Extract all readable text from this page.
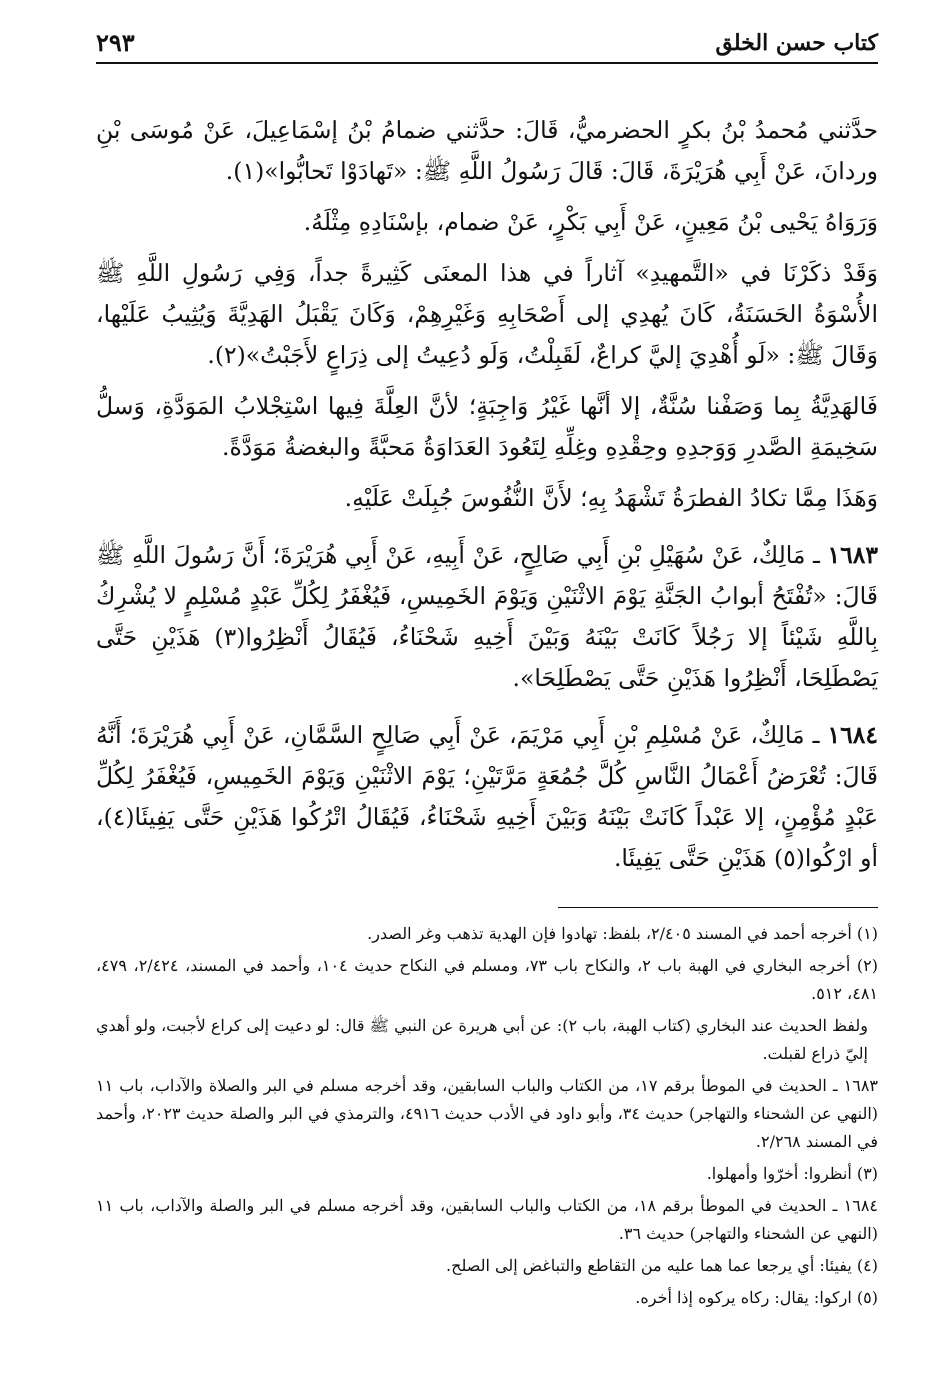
كتاب حسن الخلق
٢٩٣

حدَّثني مُحمدُ بْنُ بكرٍ الحضرميُّ، قَالَ: حدَّثني ضمامُ بْنُ إسْمَاعِيلَ، عَنْ مُوسَى بْنِ وردانَ، عَنْ أَبِي هُرَيْرَةَ، قَالَ: قَالَ رَسُولُ اللَّهِ ﷺ: «تَهادَوْا تَحابُّوا»(١).

وَرَوَاهُ يَحْيى بْنُ مَعِينٍ، عَنْ أَبِي بَكْرٍ، عَنْ ضمام، بإسْنَادِهِ مِثْلَهُ.

وَقَدْ ذكَرْنَا في «التَّمهيدِ» آثاراً في هذا المعنَى كَثِيرةً جداً، وَفِي رَسُولِ اللَّهِ ﷺ الأُسْوَةُ الحَسَنَةُ، كَانَ يُهدِي إلى أَصْحَابِهِ وَغَيْرِهِمْ، وَكَانَ يَقْبَلُ الهَدِيَّةَ وَيُثِيبُ عَلَيْها، وَقَالَ ﷺ: «لَو أُهْدِيَ إليَّ كراعٌ، لَقَبِلْتُ، وَلَو دُعِيتُ إلى ذِرَاعٍ لأَجَبْتُ»(٢).

فَالهَدِيَّةُ بِما وَصَفْنا سُنَّةٌ، إلا أنَّها غَيْرُ وَاجِبَةٍ؛ لأنَّ العِلَّةَ فِيها اسْتِجْلابُ المَوَدَّةِ، وَسلُّ سَخِيمَةِ الصَّدرِ وَوَجدِهِ وحِقْدِهِ وغِلِّهِ لِتَعُودَ العَدَاوَةُ مَحبَّةً والبغضةُ مَوَدَّةً.

وَهَذَا مِمَّا تكادُ الفطرَةُ تَشْهَدُ بِهِ؛ لأَنَّ النُّفُوسَ جُبِلَتْ عَلَيْهِ.

١٦٨٣ ـ مَالِكٌ، عَنْ سُهَيْلِ بْنِ أَبِي صَالِحٍ، عَنْ أَبِيهِ، عَنْ أَبِي هُرَيْرَةَ؛ أَنَّ رَسُولَ اللَّهِ ﷺ قَالَ: «تُفْتَحُ أبوابُ الجَنَّةِ يَوْمَ الاثْنَيْنِ وَيَوْمَ الخَمِيسِ، فَيُغْفَرُ لِكُلِّ عَبْدٍ مُسْلِمٍ لا يُشْرِكُ بِاللَّهِ شَيْئاً إلا رَجُلاً كَانَتْ بَيْنَهُ وَبَيْنَ أَخِيهِ شَحْنَاءُ، فَيُقَالُ أَنْظِرُوا(٣) هَذَيْنِ حَتَّى يَصْطَلِحَا، أَنْظِرُوا هَذَيْنِ حَتَّى يَصْطَلِحَا».

١٦٨٤ ـ مَالِكٌ، عَنْ مُسْلِمِ بْنِ أَبِي مَرْيَمَ، عَنْ أَبِي صَالِحٍ السَّمَّانِ، عَنْ أَبِي هُرَيْرَةَ؛ أَنَّهُ قَالَ: تُعْرَضُ أَعْمَالُ النَّاسِ كُلَّ جُمُعَةٍ مَرَّتَيْنِ؛ يَوْمَ الاثْنَيْنِ وَيَوْمَ الخَمِيسِ، فَيُغْفَرُ لِكُلِّ عَبْدٍ مُؤْمِنٍ، إلا عَبْداً كَانَتْ بَيْنَهُ وَبَيْنَ أَخِيهِ شَحْنَاءُ، فَيُقَالُ اتْرُكُوا هَذَيْنِ حَتَّى يَفِيئَا(٤)، أو ارْكُوا(٥) هَذَيْنِ حَتَّى يَفِيئَا.

(١) أخرجه أحمد في المسند ٢/٤٠٥، بلفظ: تهادوا فإن الهدية تذهب وغر الصدر.

(٢) أخرجه البخاري في الهبة باب ٢، والنكاح باب ٧٣، ومسلم في النكاح حديث ١٠٤، وأحمد في المسند، ٢/٤٢٤، ٤٧٩، ٤٨١، ٥١٢.

ولفظ الحديث عند البخاري (كتاب الهبة، باب ٢): عن أبي هريرة عن النبي ﷺ قال: لو دعيت إلى كراع لأجبت، ولو أهدي إليّ ذراع لقبلت.

١٦٨٣ ـ الحديث في الموطأ برقم ١٧، من الكتاب والباب السابقين، وقد أخرجه مسلم في البر والصلاة والآداب، باب ١١ (النهي عن الشحناء والتهاجر) حديث ٣٤، وأبو داود في الأدب حديث ٤٩١٦، والترمذي في البر والصلة حديث ٢٠٢٣، وأحمد في المسند ٢/٢٦٨.

(٣) أنظروا: أخرّوا وأمهلوا.

١٦٨٤ ـ الحديث في الموطأ برقم ١٨، من الكتاب والباب السابقين، وقد أخرجه مسلم في البر والصلة والآداب، باب ١١ (النهي عن الشحناء والتهاجر) حديث ٣٦.

(٤) يفيئا: أي يرجعا عما هما عليه من التقاطع والتباغض إلى الصلح.

(٥) اركوا: يقال: ركاه يركوه إذا أخره.
